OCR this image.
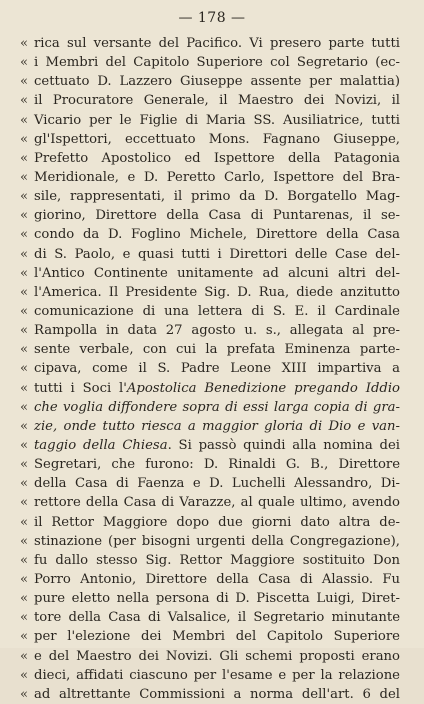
— 178 —
« rica sul versante del Pacifico. Vi presero parte tutti
« i Membri del Capitolo Superiore col Segretario (ec-
« cettuato D. Lazzero Giuseppe assente per malattia)
« il Procuratore Generale, il Maestro dei Novizi, il
« Vicario per le Figlie di Maria SS. Ausiliatrice, tutti
« gl'Ispettori, eccettuato Mons. Fagnano Giuseppe,
« Prefetto Apostolico ed Ispettore della Patagonia
« Meridionale, e D. Peretto Carlo, Ispettore del Bra-
« sile, rappresentati, il primo da D. Borgatello Mag-
« giorino, Direttore della Casa di Puntarenas, il se-
« condo da D. Foglino Michele, Direttore della Casa
« di S. Paolo, e quasi tutti i Direttori delle Case del-
« l'Antico Continente unitamente ad alcuni altri del-
« l'America. Il Presidente Sig. D. Rua, diede anzitutto
« comunicazione di una lettera di S. E. il Cardinale
« Rampolla in data 27 agosto u. s., allegata al pre-
« sente verbale, con cui la prefata Eminenza parte-
« cipava, come il S. Padre Leone XIII impartiva a
« tutti i Soci l'Apostolica Benedizione pregando Iddio
« che voglia diffondere sopra di essi larga copia di gra-
« zie, onde tutto riesca a maggior gloria di Dio e van-
« taggio della Chiesa. Si passò quindi alla nomina dei
« Segretari, che furono: D. Rinaldi G. B., Direttore
« della Casa di Faenza e D. Luchelli Alessandro, Di-
« rettore della Casa di Varazze, al quale ultimo, avendo
« il Rettor Maggiore dopo due giorni dato altra de-
« stinazione (per bisogni urgenti della Congregazione),
« fu dallo stesso Sig. Rettor Maggiore sostituito Don
« Porro Antonio, Direttore della Casa di Alassio. Fu
« pure eletto nella persona di D. Piscetta Luigi, Diret-
« tore della Casa di Valsalice, il Segretario minutante
« per l'elezione dei Membri del Capitolo Superiore
« e del Maestro dei Novizi. Gli schemi proposti erano
« dieci, affidati ciascuno per l'esame e per la relazione
« ad altrettante Commissioni a norma dell'art. 6 del
